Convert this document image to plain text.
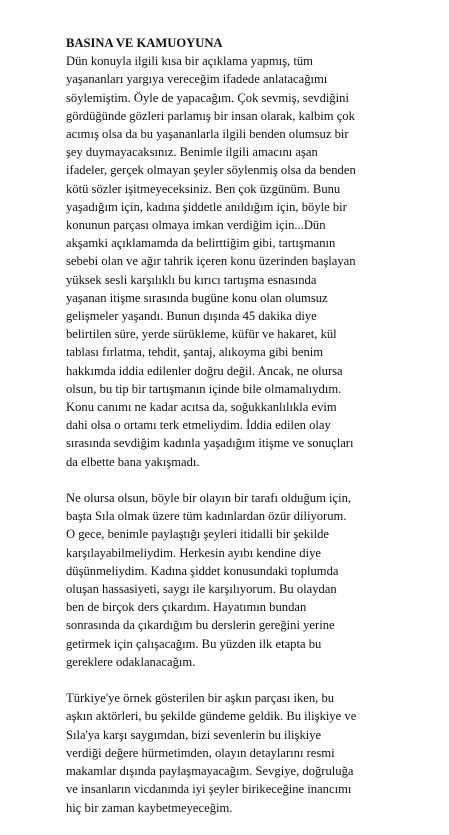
BASINA VE KAMUOYUNA

Dün konuyla ilgili kısa bir açıklama yapmış, tüm
yaşananları yargıya vereceğim ifadede anlatacağımı
söylemiştim. Öyle de yapacağım. Çok sevmiş, sevdiğini
gördüğünde gözleri parlamış bir insan olarak, kalbim çok
acımış olsa da bu yaşananlarla ilgili benden olumsuz bir
şey duymayacaksınız. Benimle ilgili amacını aşan
ifadeler, gerçek olmayan şeyler söylenmiş olsa da benden
kötü sözler işitmeyeceksiniz. Ben çok üzgünüm. Bunu
yaşadığım için, kadına şiddetle anıldığım için, böyle bir
konunun parçası olmaya imkan verdiğim için...Dün
akşamki açıklamamda da belirttiğim gibi, tartışmanın
sebebi olan ve ağır tahrik içeren konu üzerinden başlayan
yüksek sesli karşılıklı bu kırıcı tartışma esnasında
yaşanan itişme sırasında bugüne konu olan olumsuz
gelişmeler yaşandı. Bunun dışında 45 dakika diye
belirtilen süre, yerde sürükleme, küfür ve hakaret, kül
tablası fırlatma, tehdit, şantaj, alıkoyma gibi benim
hakkımda iddia edilenler doğru değil. Ancak, ne olursa
olsun, bu tip bir tartışmanın içinde bile olmamalıydım.
Konu canımı ne kadar acıtsa da, soğukkanlılıkla evim
dahi olsa o ortamı terk etmeliydim. İddia edilen olay
sırasında sevdiğim kadınla yaşadığım itişme ve sonuçları
da elbette bana yakışmadı.

Ne olursa olsun, böyle bir olayın bir tarafı olduğum için,
başta Sıla olmak üzere tüm kadınlardan özür diliyorum.
O gece, benimle paylaştığı şeyleri itidalli bir şekilde
karşılayabilmeliydim. Herkesin ayıbı kendine diye
düşünmeliydim. Kadına şiddet konusundaki toplumda
oluşan hassasiyeti, saygı ile karşılıyorum. Bu olaydan
ben de birçok ders çıkardım. Hayatımın bundan
sonrasında da çıkardığım bu derslerin gereğini yerine
getirmek için çalışacağım. Bu yüzden ilk etapta bu
gereklere odaklanacağım.

Türkiye'ye örnek gösterilen bir aşkın parçası iken, bu
aşkın aktörleri, bu şekilde gündeme geldik. Bu ilişkiye ve
Sıla'ya karşı saygımdan, bizi sevenlerin bu ilişkiye
verdiği değere hürmetimden, olayın detaylarını resmi
makamlar dışında paylaşmayacağım. Sevgiye, doğruluğa
ve insanların vicdanında iyi şeyler birikeceğine inancımı
hiç bir zaman kaybetmeyeceğim.
